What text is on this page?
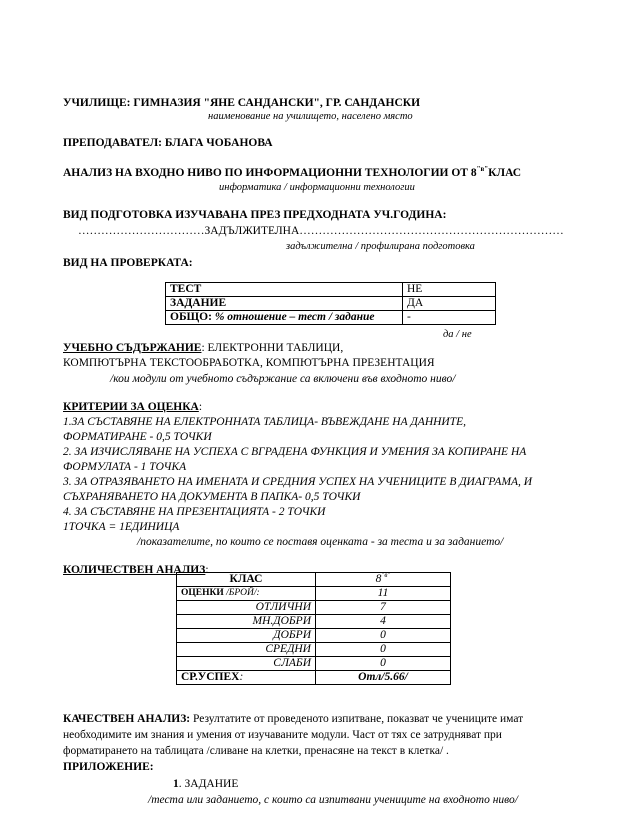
УЧИЛИЩЕ: ГИМНАЗИЯ "ЯНЕ САНДАНСКИ", ГР. САНДАНСКИ
наименование на училището, населено място
ПРЕПОДАВАТЕЛ: БЛАГА ЧОБАНОВА
АНАЛИЗ НА ВХОДНО НИВО ПО ИНФОРМАЦИОННИ ТЕХНОЛОГИИ ОТ $8^{"в"}КЛАС$
информатика / информационни технологии
ВИД ПОДГОТОВКА ИЗУЧАВАНА ПРЕЗ ПРЕДХОДНАТА УЧ.ГОДИНА:
……………………………ЗАДЪЛЖИТЕЛНА……………………………………………………………
задължителна / профилирана подготовка
ВИД НА ПРОВЕРКАТА:
ТЕСТ	НЕ
ЗАДАНИЕ	ДА
ОБЩО: % отношение – тест / задание	-
да / не
УЧЕБНО СЪДЪРЖАНИЕ: ЕЛЕКТРОННИ ТАБЛИЦИ,
КОМПЮТЪРНА ТЕКСТООБРАБОТКА, КОМПЮТЪРНА ПРЕЗЕНТАЦИЯ
/кои модули от учебното съдържание са включени във входното ниво/
КРИТЕРИИ ЗА ОЦЕНКА:
1.ЗА СЪСТАВЯНЕ НА ЕЛЕКТРОННАТА ТАБЛИЦА- ВЪВЕЖДАНЕ НА ДАННИТЕ,
ФОРМАТИРАНЕ - 0,5 ТОЧКИ
2. ЗА ИЗЧИСЛЯВАНЕ НА УСПЕХА С ВГРАДЕНА ФУНКЦИЯ И УМЕНИЯ ЗА КОПИРАНЕ НА
ФОРМУЛАТА - 1 ТОЧКА
3. ЗА ОТРАЗЯВАНЕТО НА ИМЕНАТА И СРЕДНИЯ УСПЕХ НА УЧЕНИЦИТЕ В ДИАГРАМА, И
СЪХРАНЯВАНЕТО НА ДОКУМЕНТА В ПАПКА- 0,5 ТОЧКИ
4. ЗА СЪСТАВЯНЕ НА ПРЕЗЕНТАЦИЯТА - 2 ТОЧКИ
1ТОЧКА = 1ЕДИНИЦА
/показателите, по които се поставя оценката - за теста и за заданието/
КОЛИЧЕСТВЕН АНАЛИЗ:
КЛАС	$8^{"в"}$
ОЦЕНКИ /БРОЙ/:	11
ОТЛИЧНИ	7
МН.ДОБРИ	4
ДОБРИ	0
СРЕДНИ	0
СЛАБИ	0
СР.УСПЕХ:	Отл/5.66/
КАЧЕСТВЕН АНАЛИЗ: Резултатите от проведеното изпитване, показват че учениците имат
необходимите им знания и умения от изучаваните модули. Част от тях се затрудняват при
форматирането на таблицата /сливане на клетки, пренасяне на текст в клетка/ .
ПРИЛОЖЕНИЕ:
1. ЗАДАНИЕ
/теста или заданието, с които са изпитвани учениците на входното ниво/
